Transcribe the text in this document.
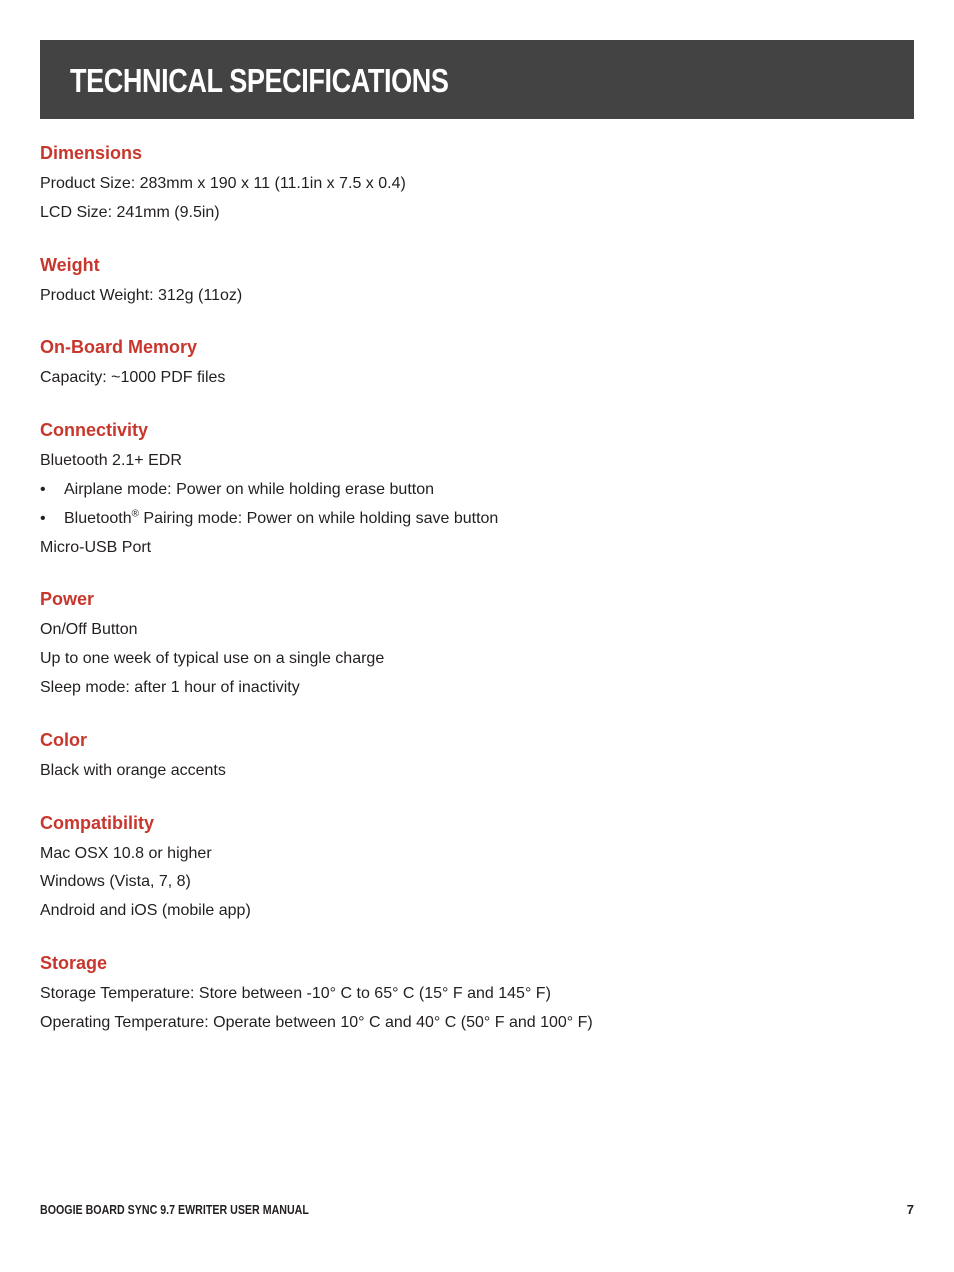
TECHNICAL SPECIFICATIONS
Dimensions
Product Size: 283mm x 190 x 11 (11.1in x 7.5 x 0.4)
LCD Size: 241mm (9.5in)
Weight
Product Weight: 312g (11oz)
On-Board Memory
Capacity: ~1000 PDF files
Connectivity
Bluetooth 2.1+ EDR
•	Airplane mode: Power on while holding erase button
•	Bluetooth® Pairing mode: Power on while holding save button
Micro-USB Port
Power
On/Off Button
Up to one week of typical use on a single charge
Sleep mode: after 1 hour of inactivity
Color
Black with orange accents
Compatibility
Mac OSX 10.8 or higher
Windows (Vista, 7, 8)
Android and iOS (mobile app)
Storage
Storage Temperature: Store between -10° C to 65° C (15° F and 145° F)
Operating Temperature: Operate between 10° C and 40° C (50° F and 100° F)
BOOGIE BOARD SYNC 9.7 EWRITER USER MANUAL	7
